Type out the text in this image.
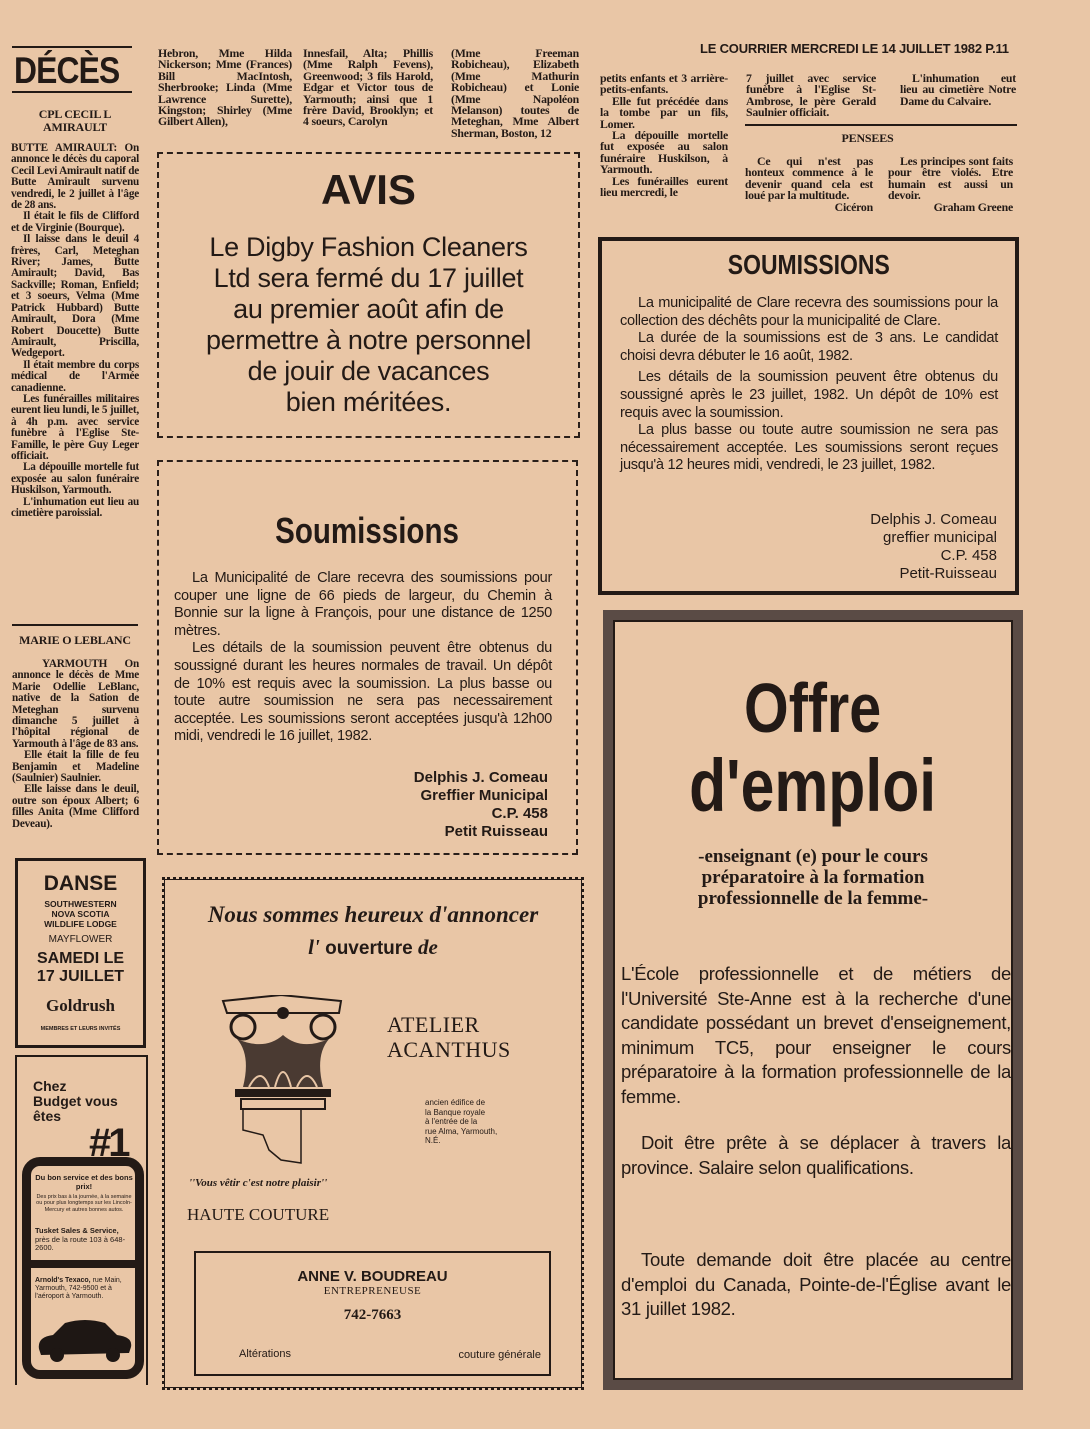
LE COURRIER MERCREDI LE 14 JUILLET 1982 P.11
DÉCÈS
CPL CECIL L AMIRAULT

BUTTE AMIRAULT: On annonce le décès du caporal Cecil Levi Amirault natif de Butte Amirault survenu vendredi, le 2 juillet à l'âge de 28 ans.

Il était le fils de Clifford et de Virginie (Bourque).

Il laisse dans le deuil 4 frères, Carl, Meteghan River; James, Butte Amirault; David, Bas Sackville; Roman, Enfield; et 3 soeurs, Velma (Mme Patrick Hubbard) Butte Amirault, Dora (Mme Robert Doucette) Butte Amirault, Priscilla, Wedgeport.

Il était membre du corps médical de l'Armée canadienne.

Les funérailles militaires eurent lieu lundi, le 5 juillet, à 4h p.m. avec service funèbre à l'Eglise Ste-Famille, le père Guy Leger officiait.

La dépouille mortelle fut exposée au salon funéraire Huskilson, Yarmouth.

L'inhumation eut lieu au cimetière paroissial.

MARIE O LEBLANC

YARMOUTH On annonce le décès de Mme Marie Odellie LeBlanc, native de la Sation de Meteghan survenu dimanche 5 juillet à l'hôpital régional de Yarmouth à l'âge de 83 ans.

Elle était la fille de feu Benjamin et Madeline (Saulnier) Saulnier.

Elle laisse dans le deuil, outre son époux Albert; 6 filles Anita (Mme Clifford Deveau).

Hebron, Mme Hilda Nickerson; Mme (Frances) Bill MacIntosh, Sherbrooke; Linda (Mme Lawrence Surette), Kingston; Shirley (Mme Gilbert Allen),
Innesfail, Alta; Phillis (Mme Ralph Fevens), Greenwood; 3 fils Harold, Edgar et Victor tous de Yarmouth; ainsi que 1 frère David, Brooklyn; et 4 soeurs, Carolyn
(Mme Freeman Robicheau), Elizabeth (Mme Mathurin Robicheau) et Lonie (Mme Napoléon Melanson) toutes de Meteghan, Mme Albert Sherman, Boston, 12

petits enfants et 3 arrière-petits-enfants.

Elle fut précédée dans la tombe par un fils, Lomer.

La dépouille mortelle fut exposée au salon funéraire Huskilson, à Yarmouth.

Les funérailles eurent lieu mercredi, le

7 juillet avec service funèbre à l'Eglise St-Ambrose, le père Gerald Saulnier officiait.
L'inhumation eut lieu au cimetière Notre Dame du Calvaire.
PENSEES

Ce qui n'est pas honteux commence à le devenir quand cela est loué par la multitude.

Cicéron

Les principes sont faits pour être violés. Etre humain est aussi un devoir.

Graham Greene
AVIS
Le Digby Fashion Cleaners
Ltd sera fermé du 17 juillet
au premier août afin de
permettre à notre personnel
de jouir de vacances
bien méritées.
Soumissions

La Municipalité de Clare recevra des soumissions pour couper une ligne de 66 pieds de largeur, du Chemin à Bonnie sur la ligne à François, pour une distance de 1250 mètres.

Les détails de la soumission peuvent être obtenus du soussigné durant les heures normales de travail. Un dépôt de 10% est requis avec la soumission. La plus basse ou toute autre soumission ne sera pas necessairement acceptée. Les soumissions seront acceptées jusqu'à 12h00 midi, vendredi le 16 juillet, 1982.

Delphis J. Comeau
Greffier Municipal
C.P. 458
Petit Ruisseau
SOUMISSIONS

La municipalité de Clare recevra des soumissions pour la collection des déchêts pour la municipalité de Clare.

La durée de la soumissions est de 3 ans. Le candidat choisi devra débuter le 16 août, 1982.

Les détails de la soumission peuvent être obtenus du soussigné après le 23 juillet, 1982. Un dépôt de 10% est requis avec la soumission.

La plus basse ou toute autre soumission ne sera pas nécessairement acceptée. Les soumissions seront reçues jusqu'à 12 heures midi, vendredi, le 23 juillet, 1982.

Delphis J. Comeau
greffier municipal
C.P. 458
Petit-Ruisseau
DANSE
SOUTHWESTERN
NOVA SCOTIA
WILDLIFE LODGE
MAYFLOWER
SAMEDI LE
17 JUILLET
Goldrush
MEMBRES ET LEURS INVITÉS
Chez
Budget vous
êtes
#1
Du bon service et des bons prix!
Des prix bas à la journée, à la semaine ou pour plus longtemps sur les Lincoln-Mercury et autres bonnes autos.
Tusket Sales & Service, près de la route 103 à 648-2600.
Arnold's Texaco, rue Main, Yarmouth, 742-9500 et à l'aéroport à Yarmouth.
Nous sommes heureux d'annoncer
l' ouverture de
ATELIER
ACANTHUS
ancien édifice de
la Banque royale
à l'entrée de la
rue Alma, Yarmouth,
N.É.
''Vous vêtir c'est notre plaisir''
HAUTE COUTURE
ANNE V. BOUDREAU
ENTREPRENEUSE
742-7663
Altérations	couture générale
Offre
d'emploi
-enseignant (e) pour le cours
préparatoire à la formation
professionnelle de la femme-

L'École professionnelle et de métiers de l'Université Ste-Anne est à la recherche d'une candidate possédant un brevet d'enseignement, minimum TC5, pour enseigner le cours préparatoire à la formation professionnelle de la femme.

Doit être prête à se déplacer à travers la province. Salaire selon qualifications.

Toute demande doit être placée au centre d'emploi du Canada, Pointe-de-l'Église avant le 31 juillet 1982.
